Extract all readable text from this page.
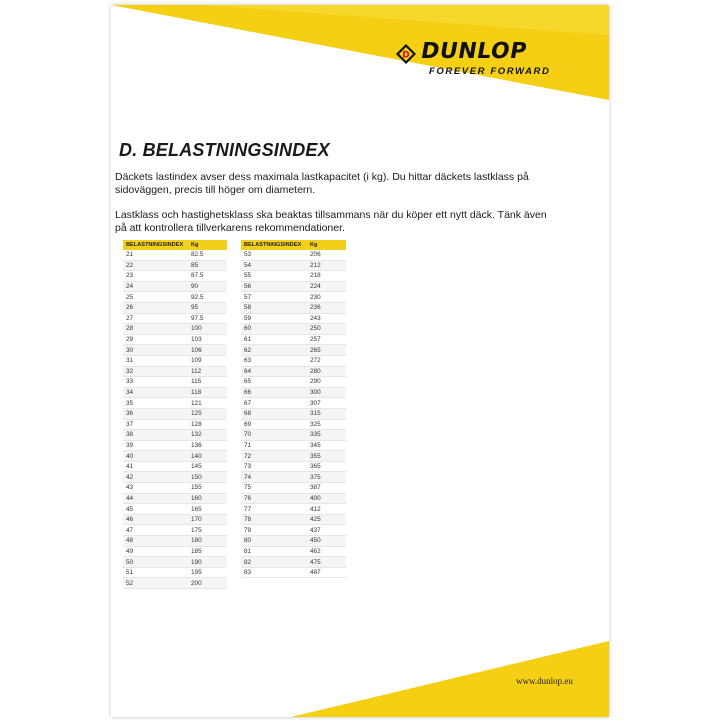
D DUNLOP
FOREVER FORWARD
D. BELASTNINGSINDEX
Däckets lastindex avser dess maximala lastkapacitet (i kg). Du hittar däckets lastklass på sidoväggen, precis till höger om diametern.
Lastklass och hastighetsklass ska beaktas tillsammans när du köper ett nytt däck. Tänk även på att kontrollera tillverkarens rekommendationer.
BELASTNINGSINDEX	Kg
21	82.5
22	85
23	87.5
24	90
25	92.5
26	95
27	97.5
28	100
29	103
30	106
31	109
32	112
33	115
34	118
35	121
36	125
37	128
38	132
39	136
40	140
41	145
42	150
43	155
44	160
45	165
46	170
47	175
48	180
49	185
50	190
51	195
52	200
BELASTNINGSINDEX	Kg
53	206
54	212
55	218
56	224
57	230
58	236
59	243
60	250
61	257
62	265
63	272
64	280
65	290
66	300
67	307
68	315
69	325
70	335
71	345
72	355
73	365
74	375
75	387
76	400
77	412
78	425
79	437
80	450
81	462
82	475
83	487
www.dunlop.eu
